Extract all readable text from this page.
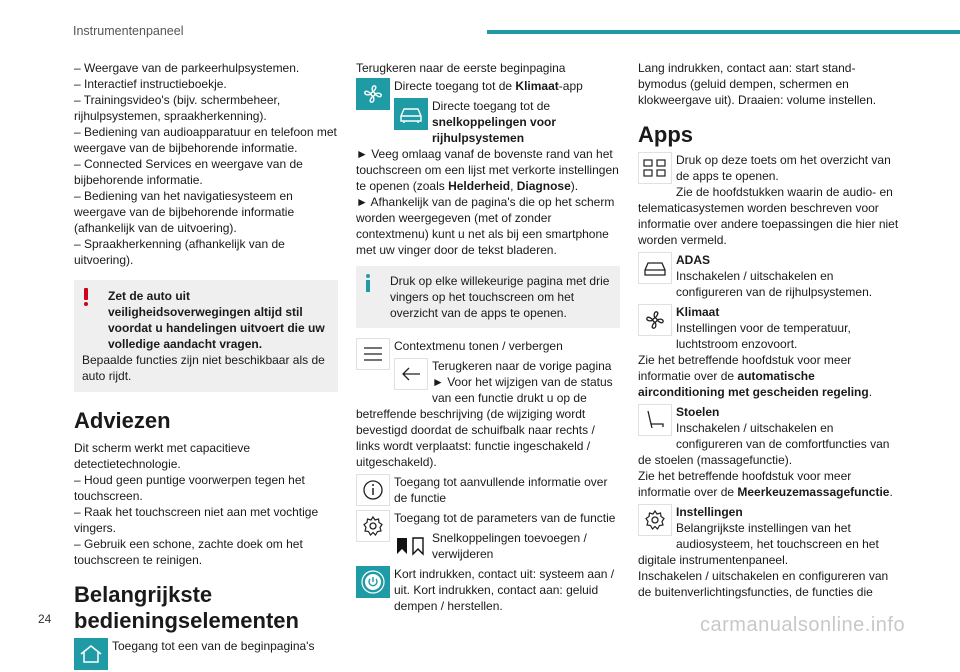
Instrumentenpaneel

– Weergave van de parkeerhulpsystemen.

– Interactief instructieboekje.

– Trainingsvideo's (bijv. schermbeheer, rijhulpsystemen, spraakherkenning).

– Bediening van audioapparatuur en telefoon met weergave van de bijbehorende informatie.

– Connected Services en weergave van de bijbehorende informatie.

– Bediening van het navigatiesysteem en weergave van de bijbehorende informatie (afhankelijk van de uitvoering).

– Spraakherkenning (afhankelijk van de uitvoering).

Zet de auto uit veiligheidsoverwegingen altijd stil voordat u handelingen uitvoert die uw volledige aandacht vragen.

Bepaalde functies zijn niet beschikbaar als de auto rijdt.

Adviezen

Dit scherm werkt met capacitieve detectietechnologie.

– Houd geen puntige voorwerpen tegen het touchscreen.

– Raak het touchscreen niet aan met vochtige vingers.

– Gebruik een schone, zachte doek om het touchscreen te reinigen.

Belangrijkste bedieningselementen

Toegang tot een van de beginpagina's

Terugkeren naar de eerste beginpagina

Directe toegang tot de Klimaat-app

Directe toegang tot de snelkoppelingen voor rijhulpsystemen

► Veeg omlaag vanaf de bovenste rand van het touchscreen om een lijst met verkorte instellingen te openen (zoals Helderheid, Diagnose).

► Afhankelijk van de pagina's die op het scherm worden weergegeven (met of zonder contextmenu) kunt u net als bij een smartphone met uw vinger door de tekst bladeren.

Druk op elke willekeurige pagina met drie vingers op het touchscreen om het overzicht van de apps te openen.

Contextmenu tonen / verbergen

Terugkeren naar de vorige pagina

► Voor het wijzigen van de status van een functie drukt u op de betreffende beschrijving (de wijziging wordt bevestigd doordat de schuifbalk naar rechts / links wordt verplaatst: functie ingeschakeld / uitgeschakeld).

Toegang tot aanvullende informatie over de functie

Toegang tot de parameters van de functie

Snelkoppelingen toevoegen / verwijderen

Kort indrukken, contact uit: systeem aan / uit. Kort indrukken, contact aan: geluid dempen / herstellen.

Lang indrukken, contact aan: start stand-bymodus (geluid dempen, schermen en klokweergave uit). Draaien: volume instellen.

Apps

Druk op deze toets om het overzicht van de apps te openen.

Zie de hoofdstukken waarin de audio- en telematicasystemen worden beschreven voor informatie over andere toepassingen die hier niet worden vermeld.

ADAS

Inschakelen / uitschakelen en configureren van de rijhulpsystemen.

Klimaat

Instellingen voor de temperatuur, luchtstroom enzovoort.

Zie het betreffende hoofdstuk voor meer informatie over de automatische airconditioning met gescheiden regeling.

Stoelen

Inschakelen / uitschakelen en configureren van de comfortfuncties van de stoelen (massagefunctie).

Zie het betreffende hoofdstuk voor meer informatie over de Meerkeuzemassagefunctie.

Instellingen

Belangrijkste instellingen van het audiosysteem, het touchscreen en het digitale instrumentenpaneel.

Inschakelen / uitschakelen en configureren van de buitenverlichtingsfuncties, de functies die

24	carmanualsonline.info
